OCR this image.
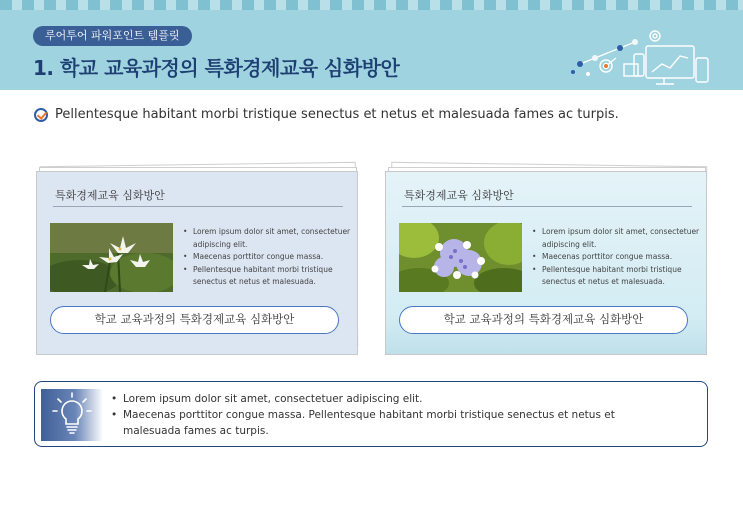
루어투어 파워포인트 템플릿
1. 학교 교육과정의 특화경제교육 심화방안
Pellentesque habitant morbi tristique senectus et netus et malesuada fames ac turpis.
특화경제교육 심화방안
• Lorem ipsum dolor sit amet, consectetuer adipiscing elit.
• Maecenas porttitor congue massa.
• Pellentesque habitant morbi tristique senectus et netus et malesuada.
학교 교육과정의 특화경제교육 심화방안
특화경제교육 심화방안
• Lorem ipsum dolor sit amet, consectetuer adipiscing elit.
• Maecenas porttitor congue massa.
• Pellentesque habitant morbi tristique senectus et netus et malesuada.
학교 교육과정의 특화경제교육 심화방안
• Lorem ipsum dolor sit amet, consectetuer adipiscing elit.
• Maecenas porttitor congue massa. Pellentesque habitant morbi tristique senectus et netus et malesuada fames ac turpis.
